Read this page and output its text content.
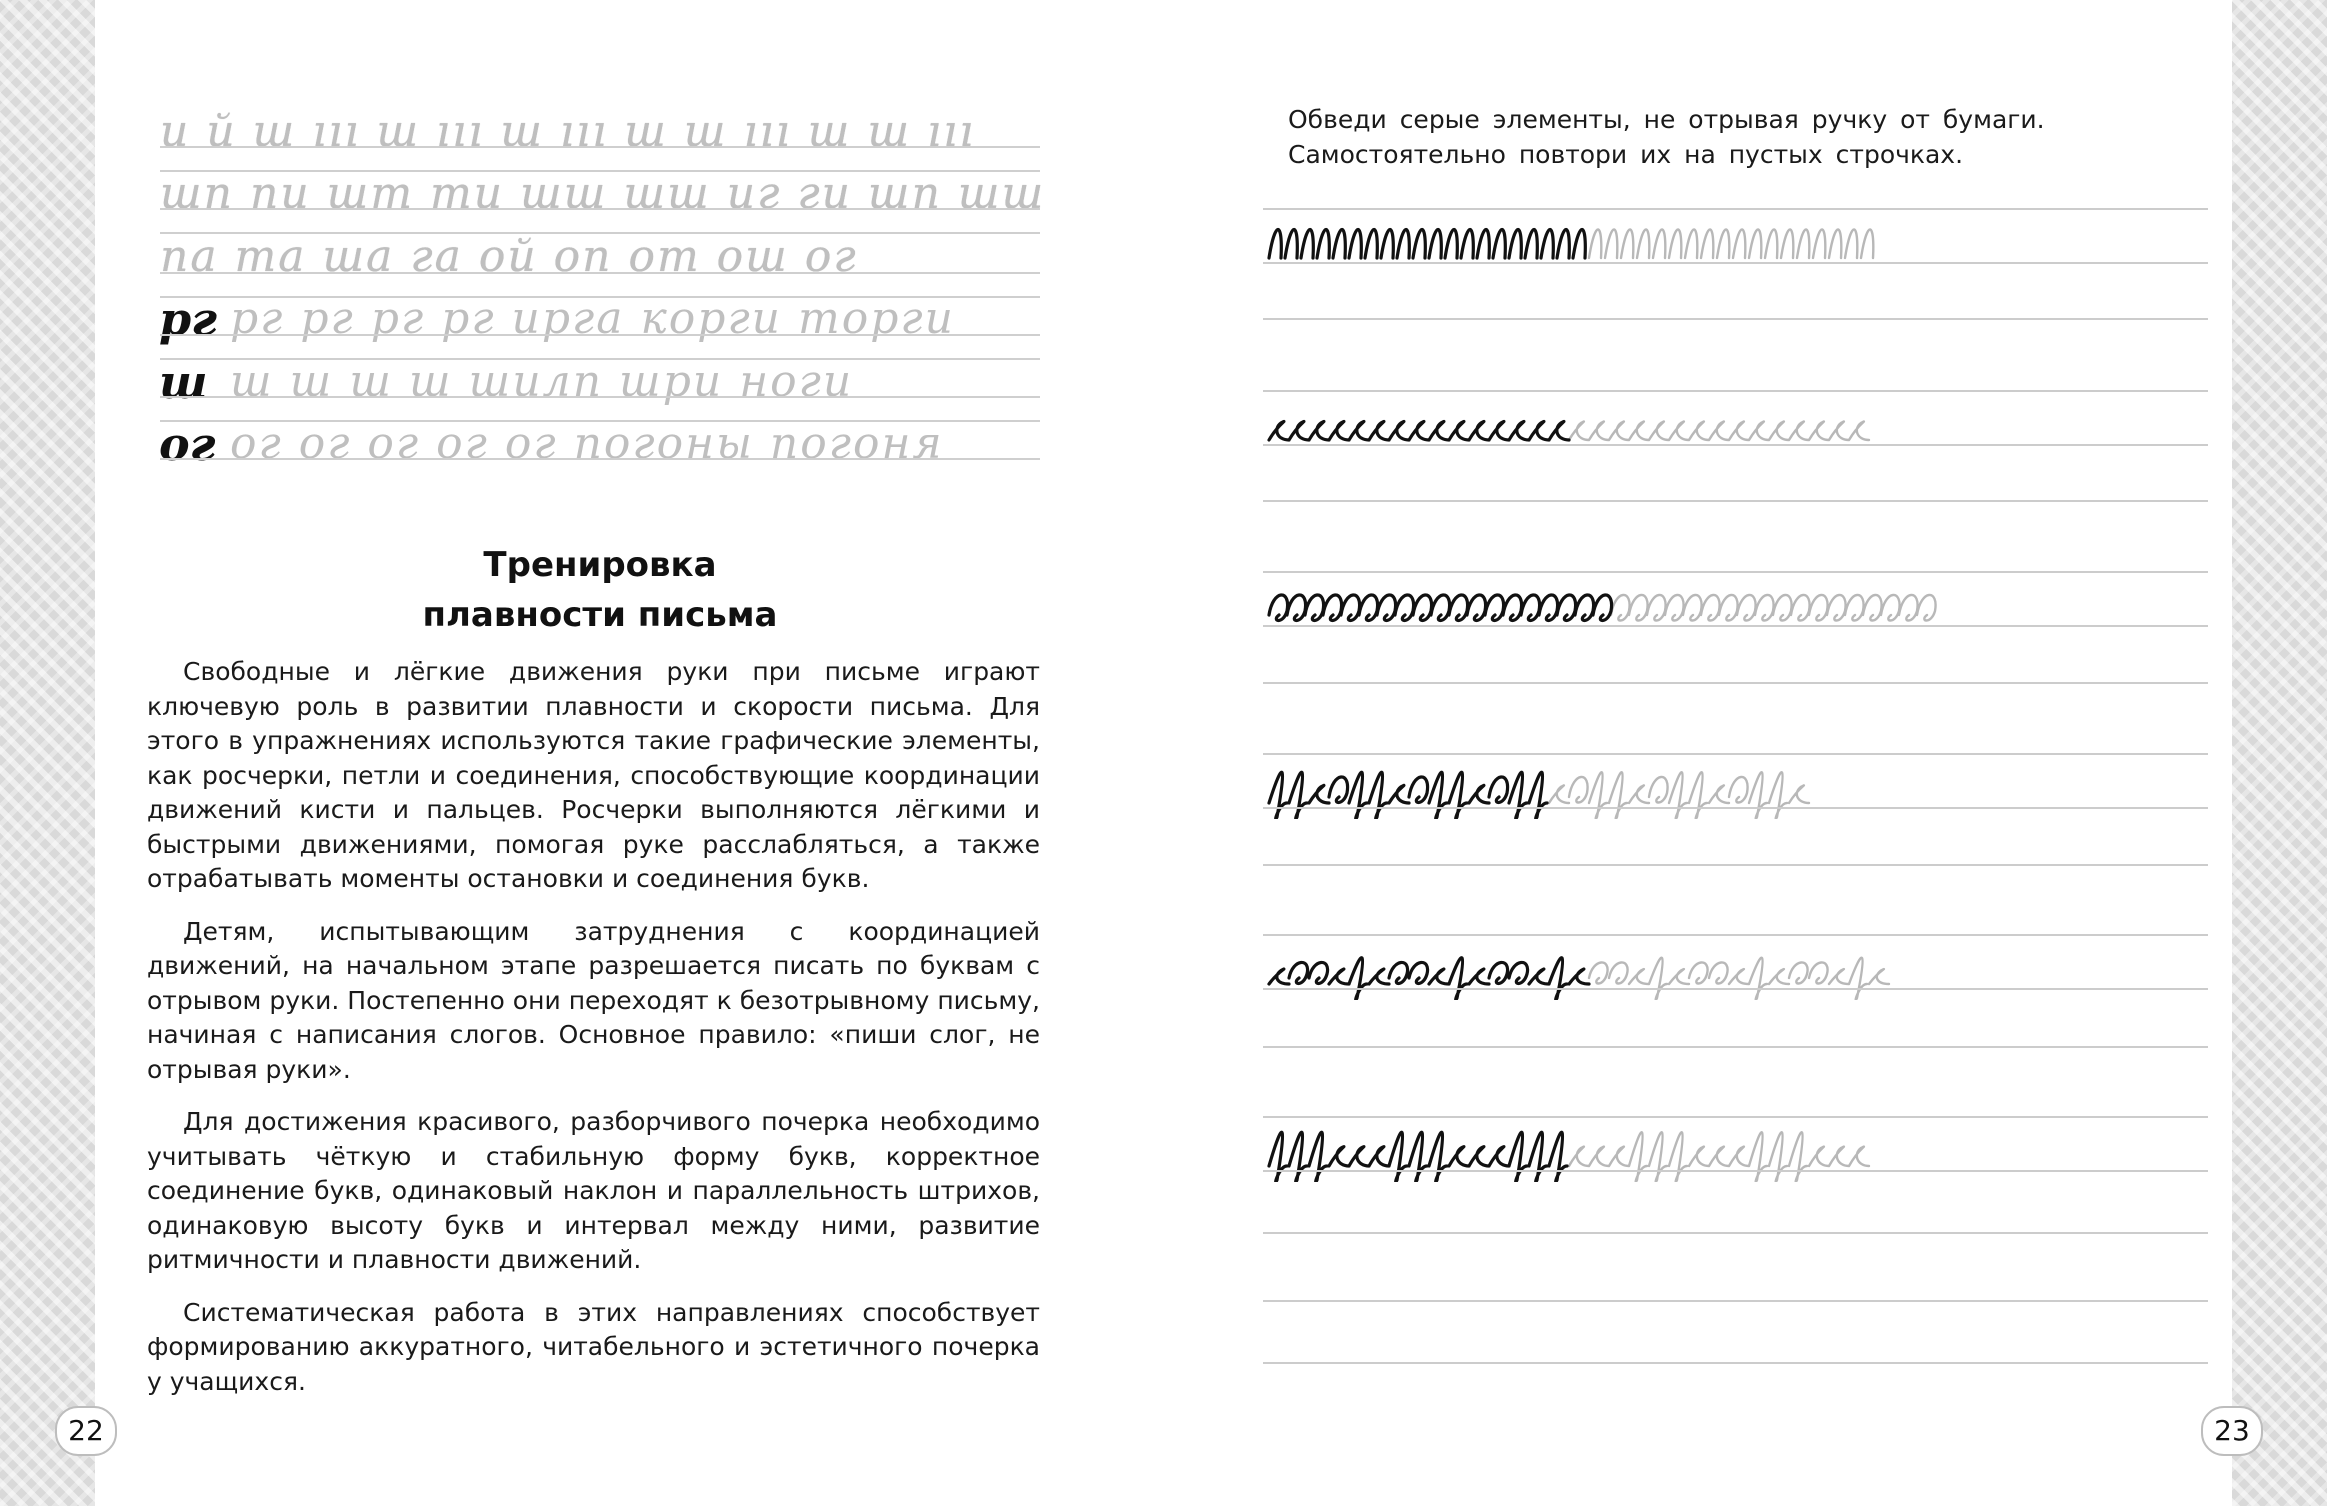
и й ш ııı ш ııı ш ııı ш ш ııı ш ш ııı
шп пи шт ти шш шш иг ги шп шш
па та ша га ой оп от ош ог
рг рг рг рг рг ирга корги торги
ш ш ш ш ш шилп шри ноги
ог ог ог ог ог ог погоны погоня
Тренировка
плавности письма

Свободные и лёгкие движения руки при письме играют ключевую роль в развитии плавности и скорости письма. Для этого в упражнениях используются такие графические элементы, как росчерки, петли и соединения, способствующие координации движений кисти и пальцев. Росчерки выполняются лёгкими и быстрыми движениями, помогая руке расслабляться, а также отрабатывать моменты остановки и соединения букв.

Детям, испытывающим затруднения с координацией движений, на начальном этапе разрешается писать по буквам с отрывом руки. Постепенно они переходят к безотрывному письму, начиная с написания слогов. Основное правило: «пиши слог, не отрывая руки».

Для достижения красивого, разборчивого почерка необходимо учитывать чёткую и стабильную форму букв, корректное соединение букв, одинаковый наклон и параллельность штрихов, одинаковую высоту букв и интервал между ними, развитие ритмичности и плавности движений.

Систематическая работа в этих направлениях способствует формированию аккуратного, читабельного и эстетичного почерка у учащихся.

22
Обведи серые элементы, не отрывая ручку от бумаги.
Самостоятельно повтори их на пустых строчках.
23
